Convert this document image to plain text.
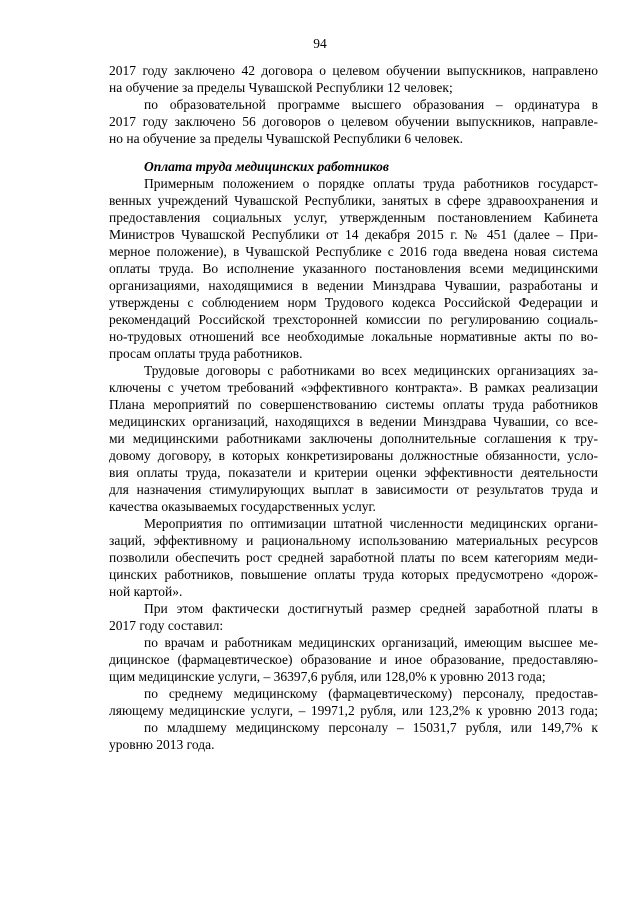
94
2017 году заключено 42 договора о целевом обучении выпускников, направлено
на обучение за пределы Чувашской Республики 12 человек;
по образовательной программе высшего образования – ординатура в
2017 году заключено 56 договоров о целевом обучении выпускников, направле-
но на обучение за пределы Чувашской Республики 6 человек.
Оплата труда медицинских работников
Примерным положением о порядке оплаты труда работников государст-
венных учреждений Чувашской Республики, занятых в сфере здравоохранения и
предоставления социальных услуг, утвержденным постановлением Кабинета
Министров Чувашской Республики от 14 декабря 2015 г. № 451 (далее – При-
мерное положение), в Чувашской Республике с 2016 года введена новая система
оплаты труда. Во исполнение указанного постановления всеми медицинскими
организациями, находящимися в ведении Минздрава Чувашии, разработаны и
утверждены с соблюдением норм Трудового кодекса Российской Федерации и
рекомендаций Российской трехсторонней комиссии по регулированию социаль-
но-трудовых отношений все необходимые локальные нормативные акты по во-
просам оплаты труда работников.
Трудовые договоры с работниками во всех медицинских организациях за-
ключены с учетом требований «эффективного контракта». В рамках реализации
Плана мероприятий по совершенствованию системы оплаты труда работников
медицинских организаций, находящихся в ведении Минздрава Чувашии, со все-
ми медицинскими работниками заключены дополнительные соглашения к тру-
довому договору, в которых конкретизированы должностные обязанности, усло-
вия оплаты труда, показатели и критерии оценки эффективности деятельности
для назначения стимулирующих выплат в зависимости от результатов труда и
качества оказываемых государственных услуг.
Мероприятия по оптимизации штатной численности медицинских органи-
заций, эффективному и рациональному использованию материальных ресурсов
позволили обеспечить рост средней заработной платы по всем категориям меди-
цинских работников, повышение оплаты труда которых предусмотрено «дорож-
ной картой».
При этом фактически достигнутый размер средней заработной платы в
2017 году составил:
по врачам и работникам медицинских организаций, имеющим высшее ме-
дицинское (фармацевтическое) образование и иное образование, предоставляю-
щим медицинские услуги, – 36397,6 рубля, или 128,0% к уровню 2013 года;
по среднему медицинскому (фармацевтическому) персоналу, предостав-
ляющему медицинские услуги, – 19971,2 рубля, или 123,2% к уровню 2013 года;
по младшему медицинскому персоналу – 15031,7 рубля, или 149,7% к
уровню 2013 года.
